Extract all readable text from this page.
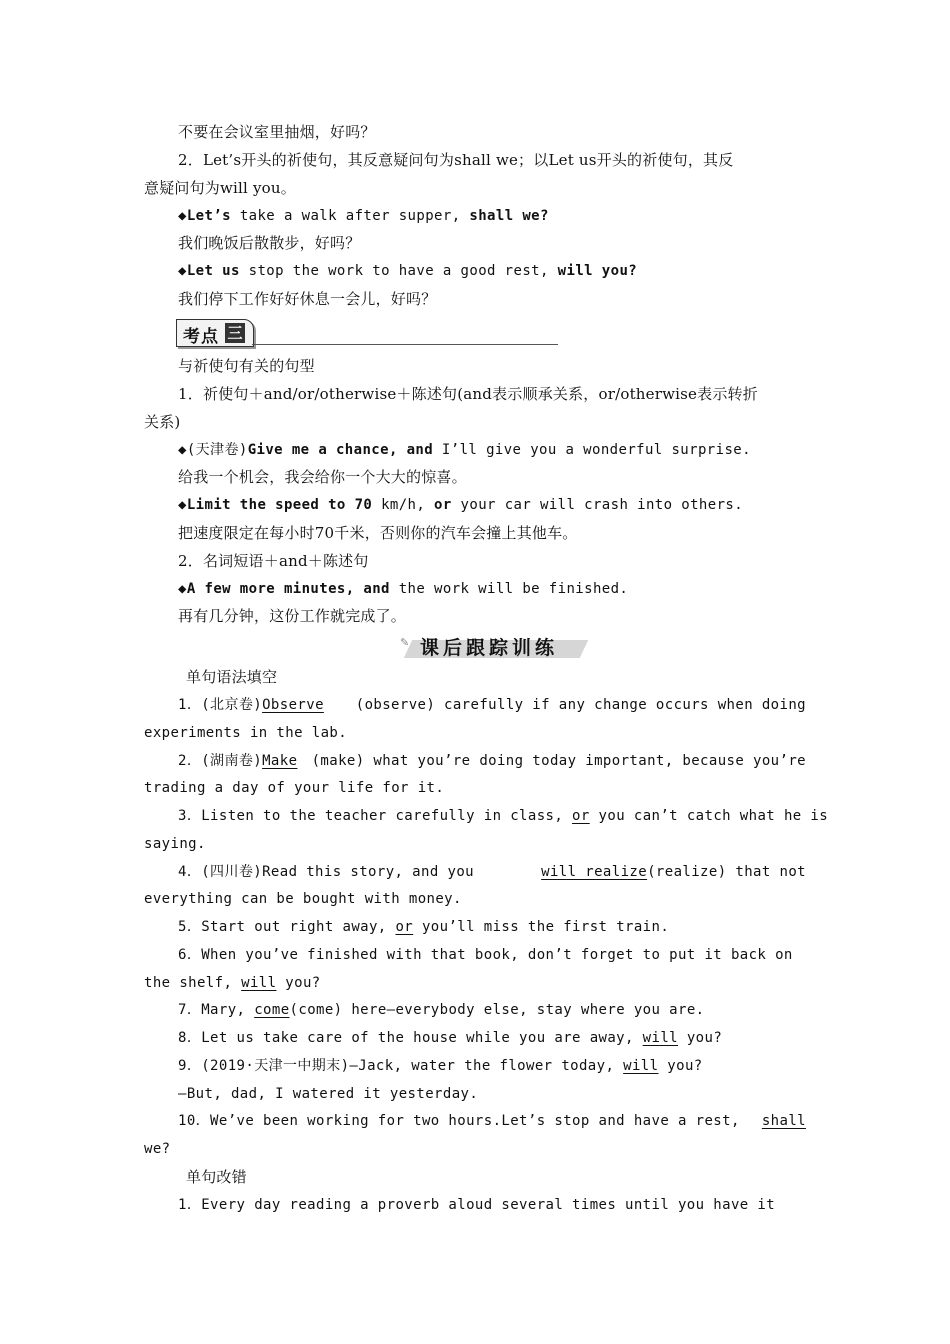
不要在会议室里抽烟，好吗？
2．Let’s开头的祈使句，其反意疑问句为shall we；以Let us开头的祈使句，其反
意疑问句为will you。
◆Let’s take a walk after supper, shall we?
我们晚饭后散散步，好吗？
◆Let us stop the work to have a good rest, will you?
我们停下工作好好休息一会儿，好吗？
考点 三
与祈使句有关的句型
1．祈使句＋and/or/otherwise＋陈述句(and表示顺承关系，or/otherwise表示转折
关系)
◆(天津卷)Give me a chance, and I’ll give you a wonderful surprise.
给我一个机会，我会给你一个大大的惊喜。
◆Limit the speed to 70 km/h, or your car will crash into others.
把速度限定在每小时70千米，否则你的汽车会撞上其他车。
2．名词短语＋and＋陈述句
◆A few more minutes, and the work will be finished.
再有几分钟，这份工作就完成了。
✎ 课后跟踪训练
单句语法填空
1．(北京卷)Observe (observe) carefully if any change occurs when doing
experiments in the lab.
2．(湖南卷)Make (make) what you’re doing today important, because you’re
trading a day of your life for it.
3．Listen to the teacher carefully in class, or you can’t catch what he is
saying.
4．(四川卷)Read this story, and you	will realize(realize) that not
everything can be bought with money.
5．Start out right away, or you’ll miss the first train.
6．When you’ve finished with that book, don’t forget to put it back on
the shelf, will you?
7．Mary, come(come) here—everybody else, stay where you are.
8．Let us take care of the house while you are away, will you?
9．(2019·天津一中期末)—Jack, water the flower today, will you?
—But, dad, I watered it yesterday.
10．We’ve been working for two hours.Let’s stop and have a rest, shall
we?
单句改错
1．Every day reading a proverb aloud several times until you have it
